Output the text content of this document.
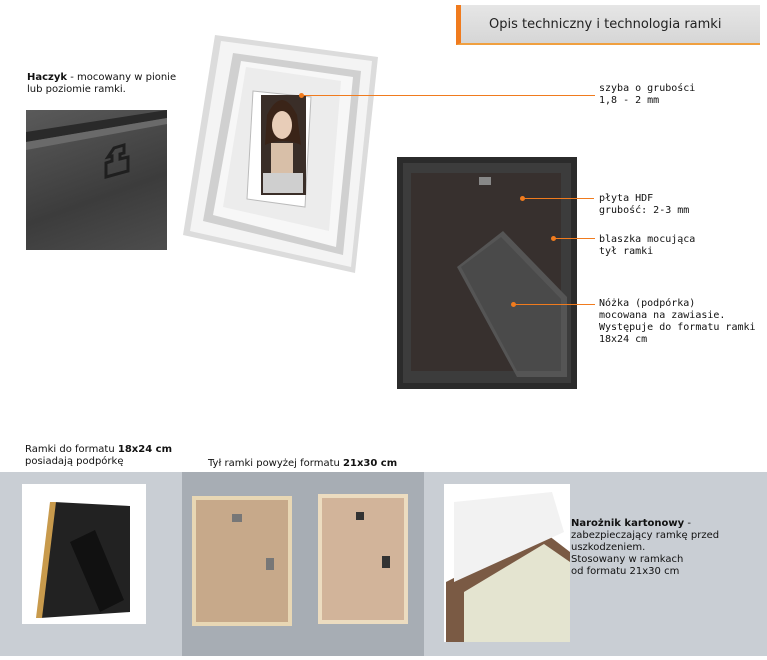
Opis techniczny i technologia ramki
Haczyk - mocowany w pionie
lub poziomie ramki.	szyba o grubości
1,8 - 2 mm
płyta HDF
grubość: 2-3 mm
blaszka mocująca
tył ramki
Nóżka (podpórka)
mocowana na zawiasie.
Występuje do formatu ramki
18x24 cm
Ramki do formatu 18x24 cm
posiadają podpórkę	Tył ramki powyżej formatu 21x30 cm
Narożnik kartonowy -
zabezpieczający ramkę przed
uszkodzeniem.
Stosowany w ramkach
od formatu 21x30 cm
